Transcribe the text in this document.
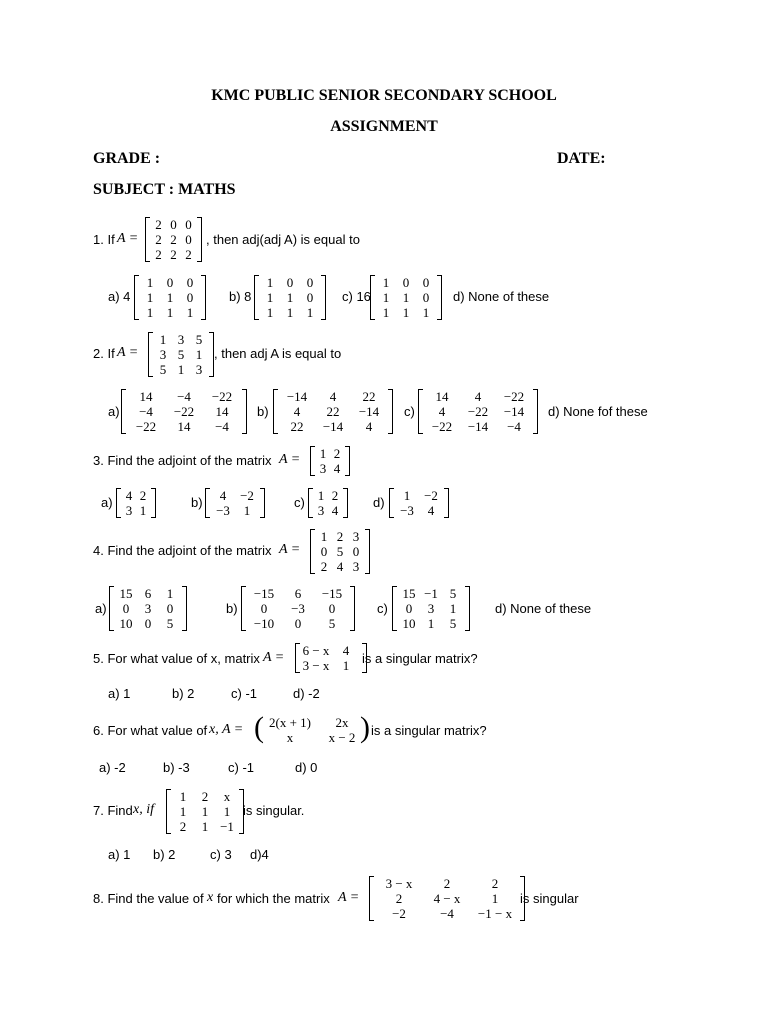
KMC PUBLIC SENIOR SECONDARY SCHOOL
ASSIGNMENT
GRADE :	DATE:
SUBJECT : MATHS
1. If A =
2 0 0
2 2 0
2 2 2
, then adj(adj A) is equal to
a) 4
1	0	0
1	1	0
1	1	1
b) 8
1	0	0
1	1	0
1	1	1
c) 16
1	0	0
1	1	0
1	1	1
d) None of these
2. If A =
1 3 5
3 5 1
5 1 3
, then adj A is equal to
a)
14	−4	−22
−4	−22	14
−22	14	−4
b)
−14	4	22
4	22	−14
22	−14	4
c)
14	4	−22
4	−22	−14
−22	−14	−4
d) None fof these
3. Find the adjoint of the matrix A = 1 2
3 4
a) 4 2
3 1
b)	4	−2
−3	1
c) 1 2
3 4
d)	1	−2
−3	4
4. Find the adjoint of the matrix A =
1 2 3
0 5 0
2 4 3
a)
15 6	1
0	3	0
10 0	5
b)
−15	6	−15
0	−3	0
−10	0	5
c)
15 −1 5
0	3	1
10 1	5
d) None of these
5. For what value of x, matrix A = 6 − x	4
3 − x	1 is a singular matrix?
a) 1	b) 2	c) -1	d) -2
6. For what value of x, A = ( 2(x + 1)	2x
x	x − 2 ) is a singular matrix?
a) -2	b) -3	c) -1	d) 0
7. Find x, if
1	2	x
1	1	1
2	1 −1
is singular.
a) 1 b) 2	c) 3 d)4
8. Find the value of x for which the matrix A =
3 − x	2	2
2	4 − x	1
−2	−4	−1 − x
is singular
